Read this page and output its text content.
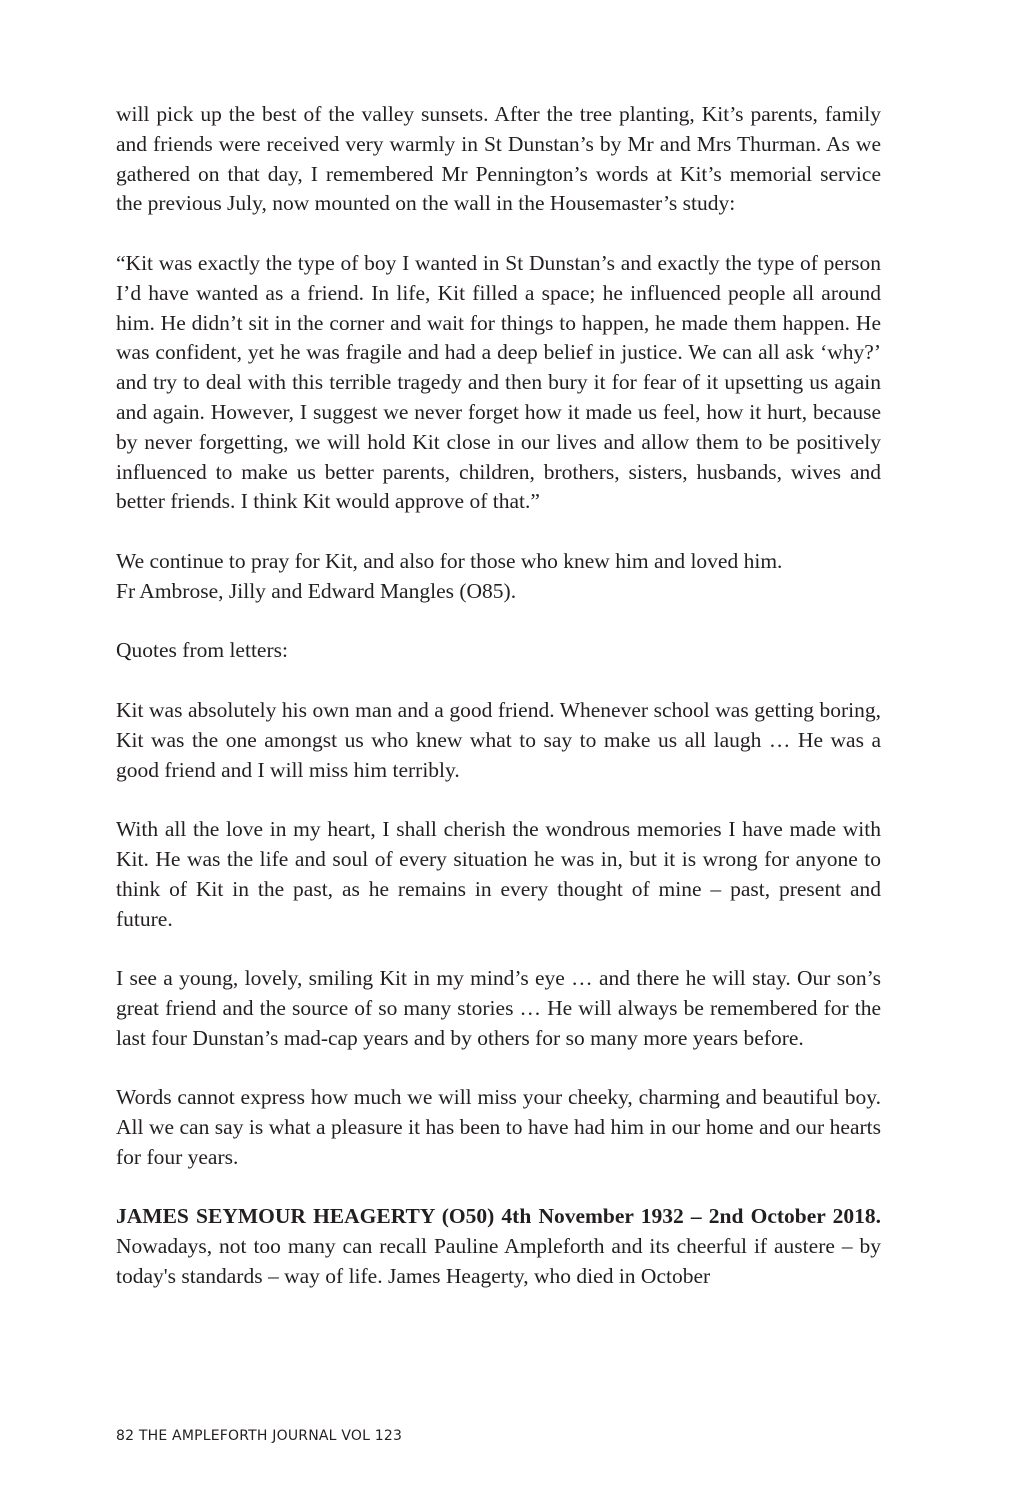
will pick up the best of the valley sunsets. After the tree planting, Kit’s parents, family and friends were received very warmly in St Dunstan’s by Mr and Mrs Thurman. As we gathered on that day, I remembered Mr Pennington’s words at Kit’s memorial service the previous July, now mounted on the wall in the Housemaster’s study:

“Kit was exactly the type of boy I wanted in St Dunstan’s and exactly the type of person I’d have wanted as a friend. In life, Kit filled a space; he influenced people all around him. He didn’t sit in the corner and wait for things to happen, he made them happen. He was confident, yet he was fragile and had a deep belief in justice. We can all ask ‘why?’ and try to deal with this terrible tragedy and then bury it for fear of it upsetting us again and again. However, I suggest we never forget how it made us feel, how it hurt, because by never forgetting, we will hold Kit close in our lives and allow them to be positively influenced to make us better parents, children, brothers, sisters, husbands, wives and better friends. I think Kit would approve of that.”

We continue to pray for Kit, and also for those who knew him and loved him.

Fr Ambrose, Jilly and Edward Mangles (O85).

Quotes from letters:

Kit was absolutely his own man and a good friend. Whenever school was getting boring, Kit was the one amongst us who knew what to say to make us all laugh … He was a good friend and I will miss him terribly.

With all the love in my heart, I shall cherish the wondrous memories I have made with Kit. He was the life and soul of every situation he was in, but it is wrong for anyone to think of Kit in the past, as he remains in every thought of mine – past, present and future.

I see a young, lovely, smiling Kit in my mind’s eye … and there he will stay. Our son’s great friend and the source of so many stories … He will always be remembered for the last four Dunstan’s mad-cap years and by others for so many more years before.

Words cannot express how much we will miss your cheeky, charming and beautiful boy. All we can say is what a pleasure it has been to have had him in our home and our hearts for four years.

JAMES SEYMOUR HEAGERTY (O50) 4th November 1932 – 2nd October 2018. Nowadays, not too many can recall Pauline Ampleforth and its cheerful if austere – by today's standards – way of life. James Heagerty, who died in October

82 THE AMPLEFORTH JOURNAL VOL 123
